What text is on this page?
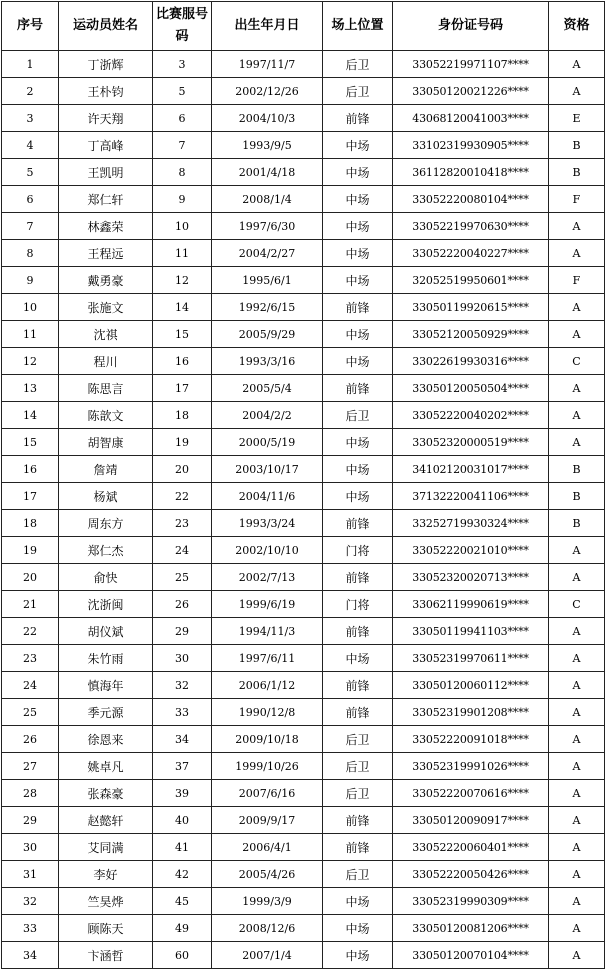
序号	运动员姓名	比赛服号码	出生年月日	场上位置	身份证号码	资格
1	丁浙辉	3	1997/11/7	后卫	33052219971107****	A
2	王朴钧	5	2002/12/26	后卫	33050120021226****	A
3	许天翔	6	2004/10/3	前锋	43068120041003****	E
4	丁高峰	7	1993/9/5	中场	33102319930905****	B
5	王凯明	8	2001/4/18	中场	36112820010418****	B
6	郑仁轩	9	2008/1/4	中场	33052220080104****	F
7	林鑫荣	10	1997/6/30	中场	33052219970630****	A
8	王程远	11	2004/2/27	中场	33052220040227****	A
9	戴勇豪	12	1995/6/1	中场	32052519950601****	F
10	张施文	14	1992/6/15	前锋	33050119920615****	A
11	沈祺	15	2005/9/29	中场	33052120050929****	A
12	程川	16	1993/3/16	中场	33022619930316****	C
13	陈思言	17	2005/5/4	前锋	33050120050504****	A
14	陈歆文	18	2004/2/2	后卫	33052220040202****	A
15	胡智康	19	2000/5/19	中场	33052320000519****	A
16	詹靖	20	2003/10/17	中场	34102120031017****	B
17	杨斌	22	2004/11/6	中场	37132220041106****	B
18	周东方	23	1993/3/24	前锋	33252719930324****	B
19	郑仁杰	24	2002/10/10	门将	33052220021010****	A
20	俞快	25	2002/7/13	前锋	33052320020713****	A
21	沈浙闽	26	1999/6/19	门将	33062119990619****	C
22	胡仪斌	29	1994/11/3	前锋	33050119941103****	A
23	朱竹雨	30	1997/6/11	中场	33052319970611****	A
24	慎海年	32	2006/1/12	前锋	33050120060112****	A
25	季元源	33	1990/12/8	前锋	33052319901208****	A
26	徐恩来	34	2009/10/18	后卫	33052220091018****	A
27	姚卓凡	37	1999/10/26	后卫	33052319991026****	A
28	张森豪	39	2007/6/16	后卫	33052220070616****	A
29	赵懿轩	40	2009/9/17	前锋	33050120090917****	A
30	艾同满	41	2006/4/1	前锋	33052220060401****	A
31	李好	42	2005/4/26	后卫	33052220050426****	A
32	竺昊烨	45	1999/3/9	中场	33052319990309****	A
33	顾陈天	49	2008/12/6	中场	33050120081206****	A
34	卞涵哲	60	2007/1/4	中场	33050120070104****	A
